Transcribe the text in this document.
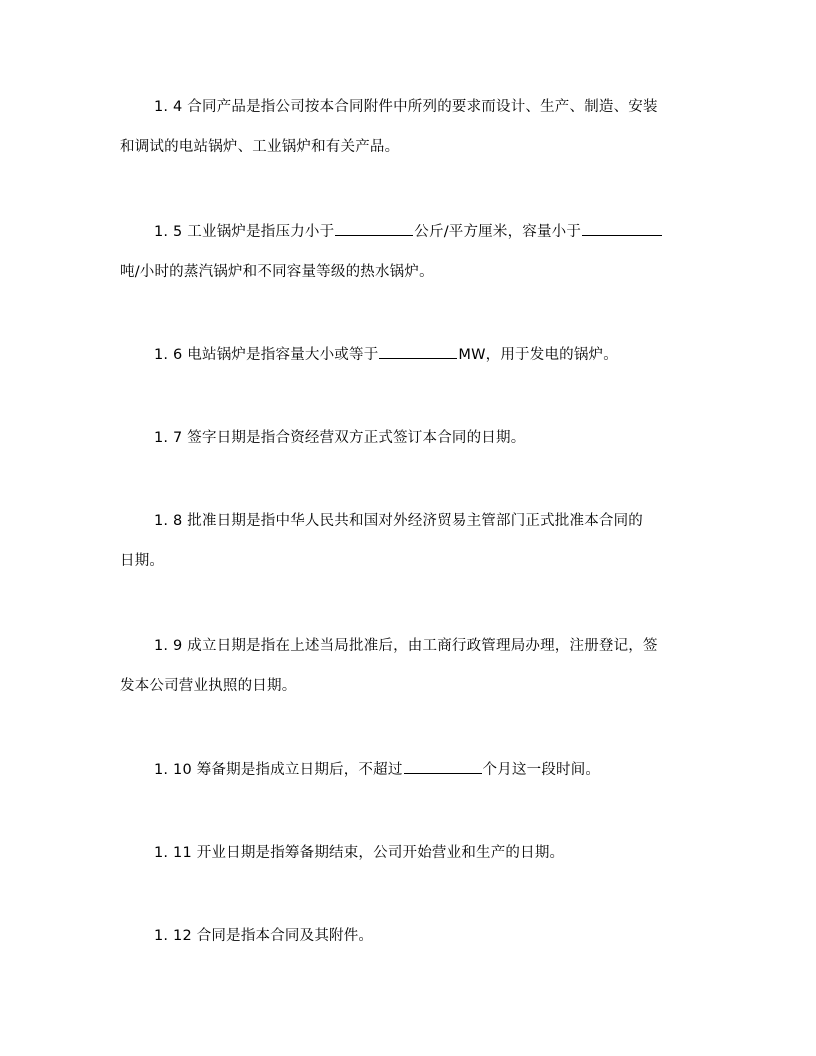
1. 4 合同产品是指公司按本合同附件中所列的要求而设计、生产、制造、安装
和调试的电站锅炉、工业锅炉和有关产品。
1. 5 工业锅炉是指压力小于	公斤/平方厘米，容量小于
吨/小时的蒸汽锅炉和不同容量等级的热水锅炉。
1. 6 电站锅炉是指容量大小或等于	MW，用于发电的锅炉。
1. 7 签字日期是指合资经营双方正式签订本合同的日期。
1. 8 批准日期是指中华人民共和国对外经济贸易主管部门正式批准本合同的
日期。
1. 9 成立日期是指在上述当局批准后，由工商行政管理局办理，注册登记，签
发本公司营业执照的日期。
1. 10 筹备期是指成立日期后，不超过	个月这一段时间。
1. 11 开业日期是指筹备期结束，公司开始营业和生产的日期。
1. 12 合同是指本合同及其附件。
